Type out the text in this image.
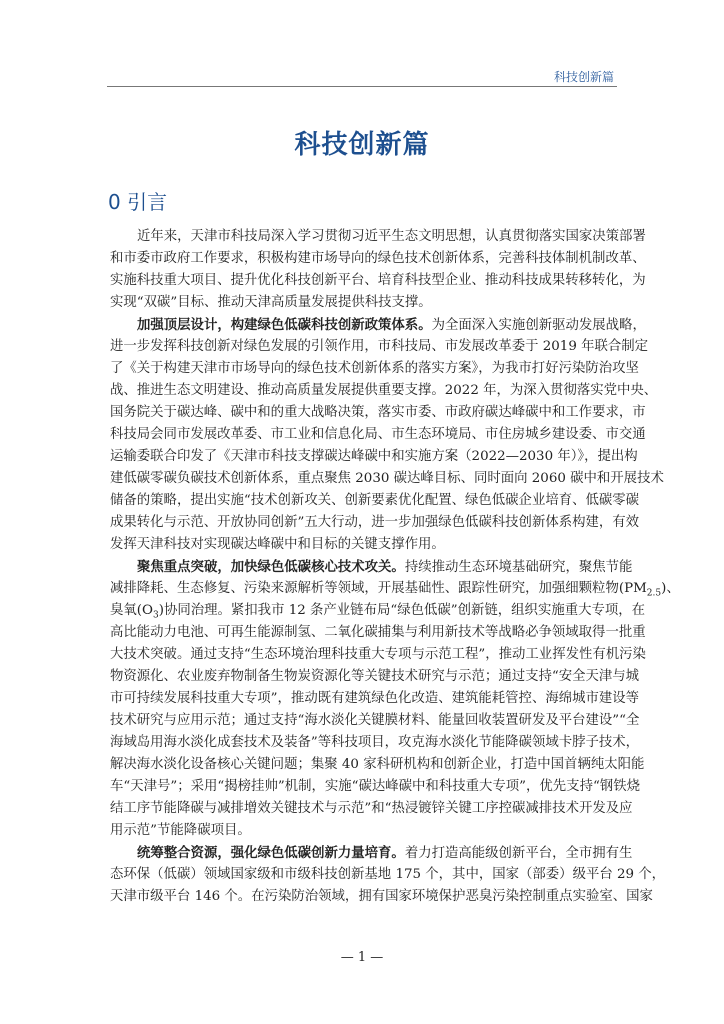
科技创新篇
科技创新篇
0 引言
近年来，天津市科技局深入学习贯彻习近平生态文明思想，认真贯彻落实国家决策部署
和市委市政府工作要求，积极构建市场导向的绿色技术创新体系，完善科技体制机制改革、
实施科技重大项目、提升优化科技创新平台、培育科技型企业、推动科技成果转移转化，为
实现“双碳”目标、推动天津高质量发展提供科技支撑。
加强顶层设计，构建绿色低碳科技创新政策体系。为全面深入实施创新驱动发展战略，
进一步发挥科技创新对绿色发展的引领作用，市科技局、市发展改革委于 2019 年联合制定
了《关于构建天津市市场导向的绿色技术创新体系的落实方案》，为我市打好污染防治攻坚
战、推进生态文明建设、推动高质量发展提供重要支撑。2022 年，为深入贯彻落实党中央、
国务院关于碳达峰、碳中和的重大战略决策，落实市委、市政府碳达峰碳中和工作要求，市
科技局会同市发展改革委、市工业和信息化局、市生态环境局、市住房城乡建设委、市交通
运输委联合印发了《天津市科技支撑碳达峰碳中和实施方案（2022—2030 年）》，提出构
建低碳零碳负碳技术创新体系，重点聚焦 2030 碳达峰目标、同时面向 2060 碳中和开展技术
储备的策略，提出实施“技术创新攻关、创新要素优化配置、绿色低碳企业培育、低碳零碳
成果转化与示范、开放协同创新”五大行动，进一步加强绿色低碳科技创新体系构建，有效
发挥天津科技对实现碳达峰碳中和目标的关键支撑作用。
聚焦重点突破，加快绿色低碳核心技术攻关。持续推动生态环境基础研究，聚焦节能
减排降耗、生态修复、污染来源解析等领域，开展基础性、跟踪性研究，加强细颗粒物$(PM_{2.5})$、
臭氧$(O_3)$协同治理。紧扣我市 12 条产业链布局“绿色低碳”创新链，组织实施重大专项，在
高比能动力电池、可再生能源制氢、二氧化碳捕集与利用新技术等战略必争领域取得一批重
大技术突破。通过支持“生态环境治理科技重大专项与示范工程”，推动工业挥发性有机污染
物资源化、农业废弃物制备生物炭资源化等关键技术研究与示范；通过支持“安全天津与城
市可持续发展科技重大专项”，推动既有建筑绿色化改造、建筑能耗管控、海绵城市建设等
技术研究与应用示范；通过支持“海水淡化关键膜材料、能量回收装置研发及平台建设”“全
海域岛用海水淡化成套技术及装备”等科技项目，攻克海水淡化节能降碳领域卡脖子技术，
解决海水淡化设备核心关键问题；集聚 40 家科研机构和创新企业，打造中国首辆纯太阳能
车“天津号”；采用“揭榜挂帅”机制，实施“碳达峰碳中和科技重大专项”，优先支持“钢铁烧
结工序节能降碳与减排增效关键技术与示范”和“热浸镀锌关键工序控碳减排技术开发及应
用示范”节能降碳项目。
统筹整合资源，强化绿色低碳创新力量培育。着力打造高能级创新平台，全市拥有生
态环保（低碳）领域国家级和市级科技创新基地 175 个，其中，国家（部委）级平台 29 个，
天津市级平台 146 个。在污染防治领域，拥有国家环境保护恶臭污染控制重点实验室、国家
— 1 —
